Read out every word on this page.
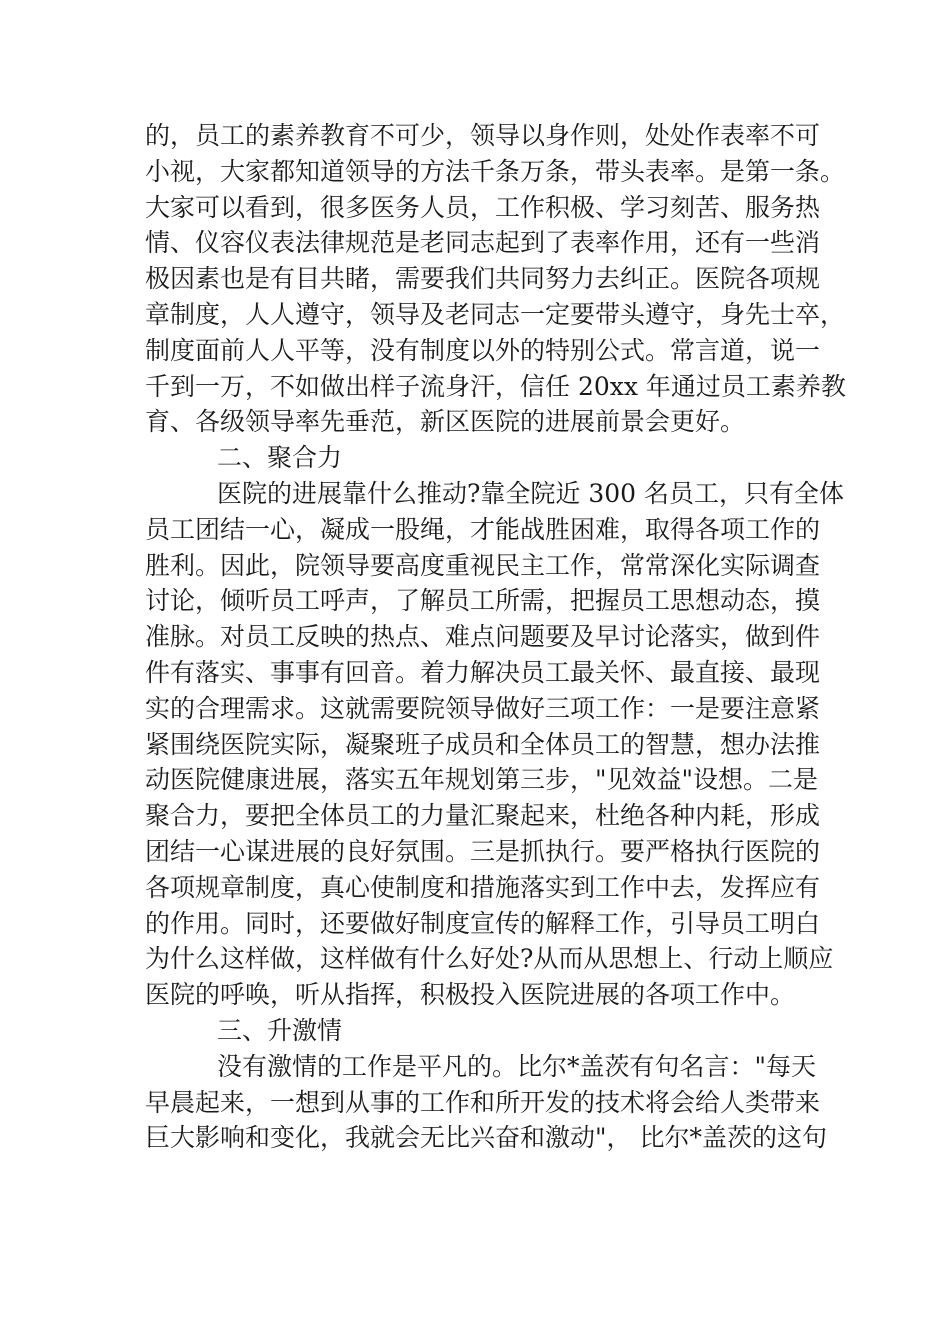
的，员工的素养教育不可少，领导以身作则，处处作表率不可
小视，大家都知道领导的方法千条万条，带头表率。是第一条。
大家可以看到，很多医务人员，工作积极、学习刻苦、服务热
情、仪容仪表法律规范是老同志起到了表率作用，还有一些消
极因素也是有目共睹，需要我们共同努力去纠正。医院各项规
章制度，人人遵守，领导及老同志一定要带头遵守，身先士卒，
制度面前人人平等，没有制度以外的特别公式。常言道，说一
千到一万，不如做出样子流身汗，信任 20xx 年通过员工素养教
育、各级领导率先垂范，新区医院的进展前景会更好。
二、聚合力
医院的进展靠什么推动?靠全院近 300 名员工，只有全体
员工团结一心，凝成一股绳，才能战胜困难，取得各项工作的
胜利。因此，院领导要高度重视民主工作，常常深化实际调查
讨论，倾听员工呼声，了解员工所需，把握员工思想动态，摸
准脉。对员工反映的热点、难点问题要及早讨论落实，做到件
件有落实、事事有回音。着力解决员工最关怀、最直接、最现
实的合理需求。这就需要院领导做好三项工作：一是要注意紧
紧围绕医院实际，凝聚班子成员和全体员工的智慧，想办法推
动医院健康进展，落实五年规划第三步，"见效益"设想。二是
聚合力，要把全体员工的力量汇聚起来，杜绝各种内耗，形成
团结一心谋进展的良好氛围。三是抓执行。要严格执行医院的
各项规章制度，真心使制度和措施落实到工作中去，发挥应有
的作用。同时，还要做好制度宣传的解释工作，引导员工明白
为什么这样做，这样做有什么好处?从而从思想上、行动上顺应
医院的呼唤，听从指挥，积极投入医院进展的各项工作中。
三、升激情
没有激情的工作是平凡的。比尔*盖茨有句名言："每天
早晨起来，一想到从事的工作和所开发的技术将会给人类带来
巨大影响和变化，我就会无比兴奋和激动"， 比尔*盖茨的这句
